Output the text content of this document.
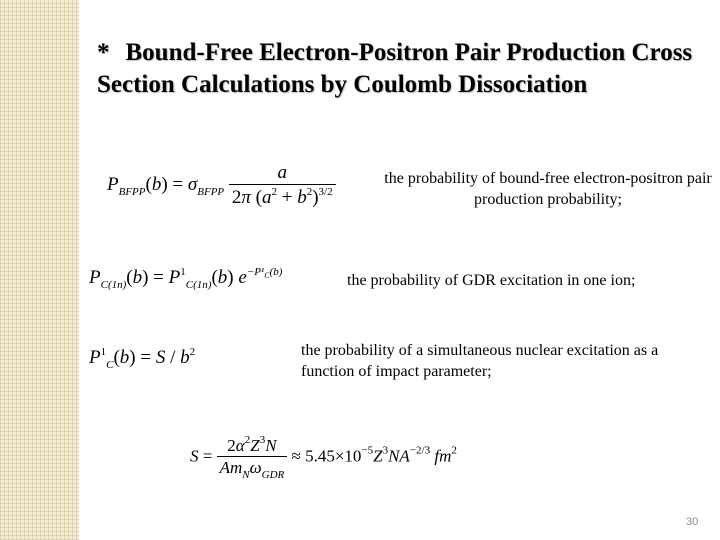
* Bound-Free Electron-Positron Pair Production Cross Section Calculations by Coulomb Dissociation
$P_{BFPP}(b) = \sigma_{BFPP} \frac{a}{2\pi (a^2 + b^2)^{3/2}}$	the probability of bound-free electron-positron pair production probability;
$P_{C(1n)}(b) = P^1_{C(1n)}(b)$ $e^{-P^1_C(b)}$	the probability of GDR excitation in one ion;
$P^1_C(b) = S / b^2$	the probability of a simultaneous nuclear excitation as a function of impact parameter;
$S = \frac{2\alpha^2Z^3N}{Am_N\omega_{GDR}} \approx 5.45\times 10^{-5}Z^3NA^{-2/3}$ $fm^2$
30
